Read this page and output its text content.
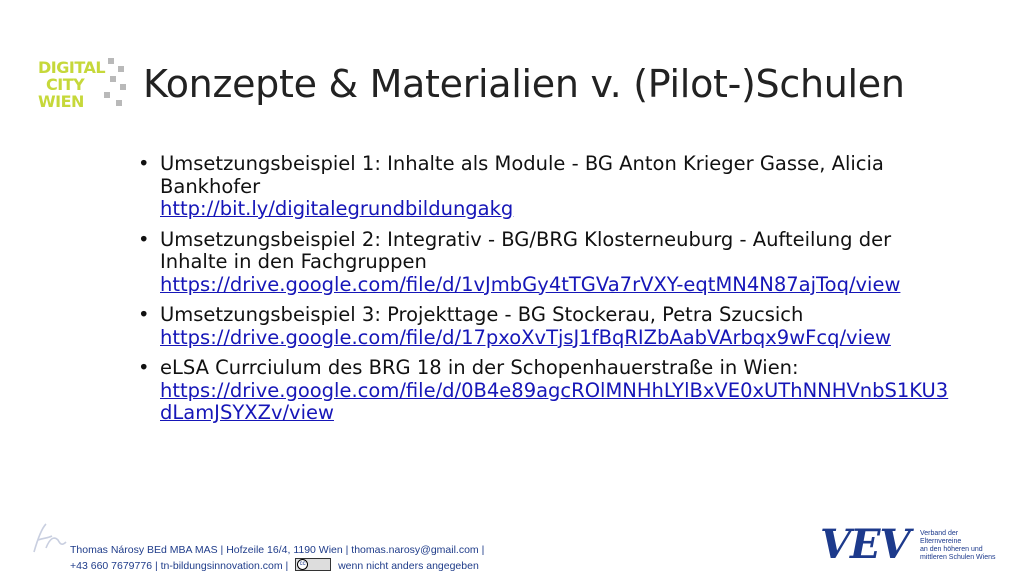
DIGITAL
CITY
WIEN Konzepte & Materialien v. (Pilot-)Schulen
• Umsetzungsbeispiel 1: Inhalte als Module - BG Anton Krieger Gasse, Alicia Bankhofer
http://bit.ly/digitalegrundbildungakg
• Umsetzungsbeispiel 2: Integrativ - BG/BRG Klosterneuburg - Aufteilung der Inhalte in den Fachgruppen
https://drive.google.com/file/d/1vJmbGy4tTGVa7rVXY-eqtMN4N87ajToq/view
• Umsetzungsbeispiel 3: Projekttage - BG Stockerau, Petra Szucsich
https://drive.google.com/file/d/17pxoXvTjsJ1fBqRIZbAabVArbqx9wFcq/view
• eLSA Currciulum des BRG 18 in der Schopenhauerstraße in Wien:
https://drive.google.com/file/d/0B4e89agcROlMNHhLYlBxVE0xUThNNHVnbS1KU3dLamJSYXZv/view
Thomas Nárosy BEd MBA MAS | Hofzeile 16/4, 1190 Wien | thomas.narosy@gmail.com |
+43 660 7679776 | tn-bildungsinnovation.com |	cc	wenn nicht anders angegeben	VEV Verband der Elternvereine
an den höheren und
mittleren Schulen Wiens
